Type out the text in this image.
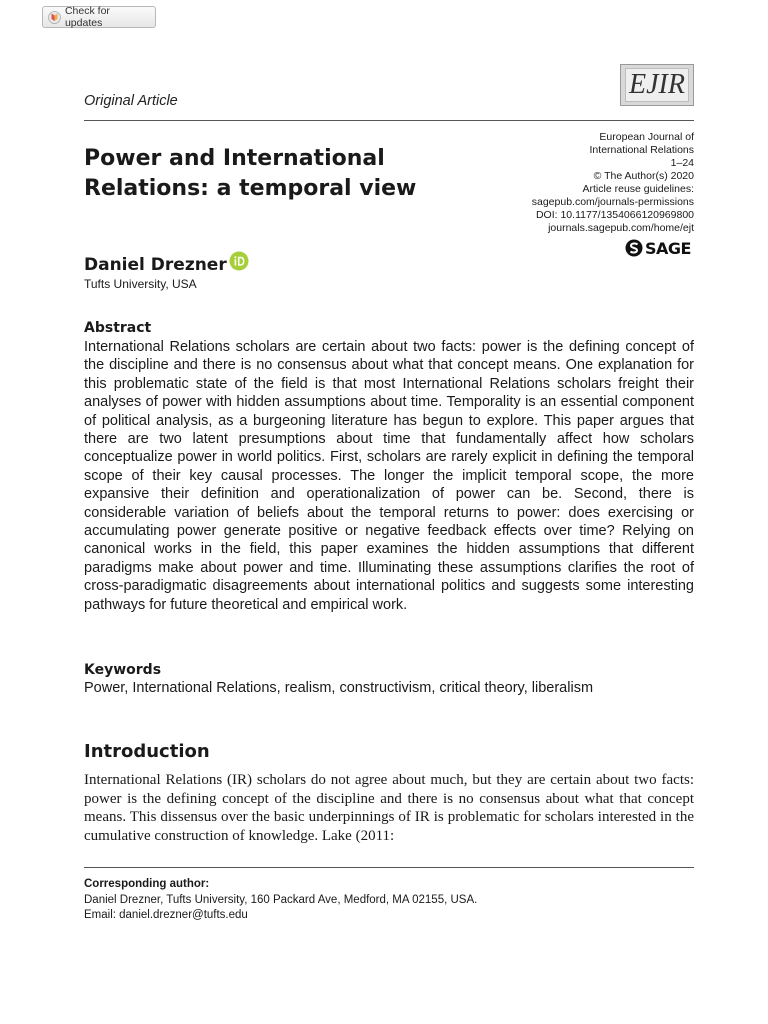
Check for updates
Original Article
EJIR
Power and International Relations: a temporal view
European Journal of
International Relations
1–24
© The Author(s) 2020
Article reuse guidelines:
sagepub.com/journals-permissions
DOI: 10.1177/1354066120969800
journals.sagepub.com/home/ejt
SAGE
Daniel Drezner
Tufts University, USA
Abstract

International Relations scholars are certain about two facts: power is the defining concept of the discipline and there is no consensus about what that concept means. One explanation for this problematic state of the field is that most International Relations scholars freight their analyses of power with hidden assumptions about time. Temporality is an essential component of political analysis, as a burgeoning literature has begun to explore. This paper argues that there are two latent presumptions about time that fundamentally affect how scholars conceptualize power in world politics. First, scholars are rarely explicit in defining the temporal scope of their key causal processes. The longer the implicit temporal scope, the more expansive their definition and operationalization of power can be. Second, there is considerable variation of beliefs about the temporal returns to power: does exercising or accumulating power generate positive or negative feedback effects over time? Relying on canonical works in the field, this paper examines the hidden assumptions that different paradigms make about power and time. Illuminating these assumptions clarifies the root of cross-paradigmatic disagreements about international politics and suggests some interesting pathways for future theoretical and empirical work.

Keywords

Power, International Relations, realism, constructivism, critical theory, liberalism

Introduction

International Relations (IR) scholars do not agree about much, but they are certain about two facts: power is the defining concept of the discipline and there is no consensus about what that concept means. This dissensus over the basic underpinnings of IR is problematic for scholars interested in the cumulative construction of knowledge. Lake (2011:

Corresponding author:
Daniel Drezner, Tufts University, 160 Packard Ave, Medford, MA 02155, USA.
Email: daniel.drezner@tufts.edu
